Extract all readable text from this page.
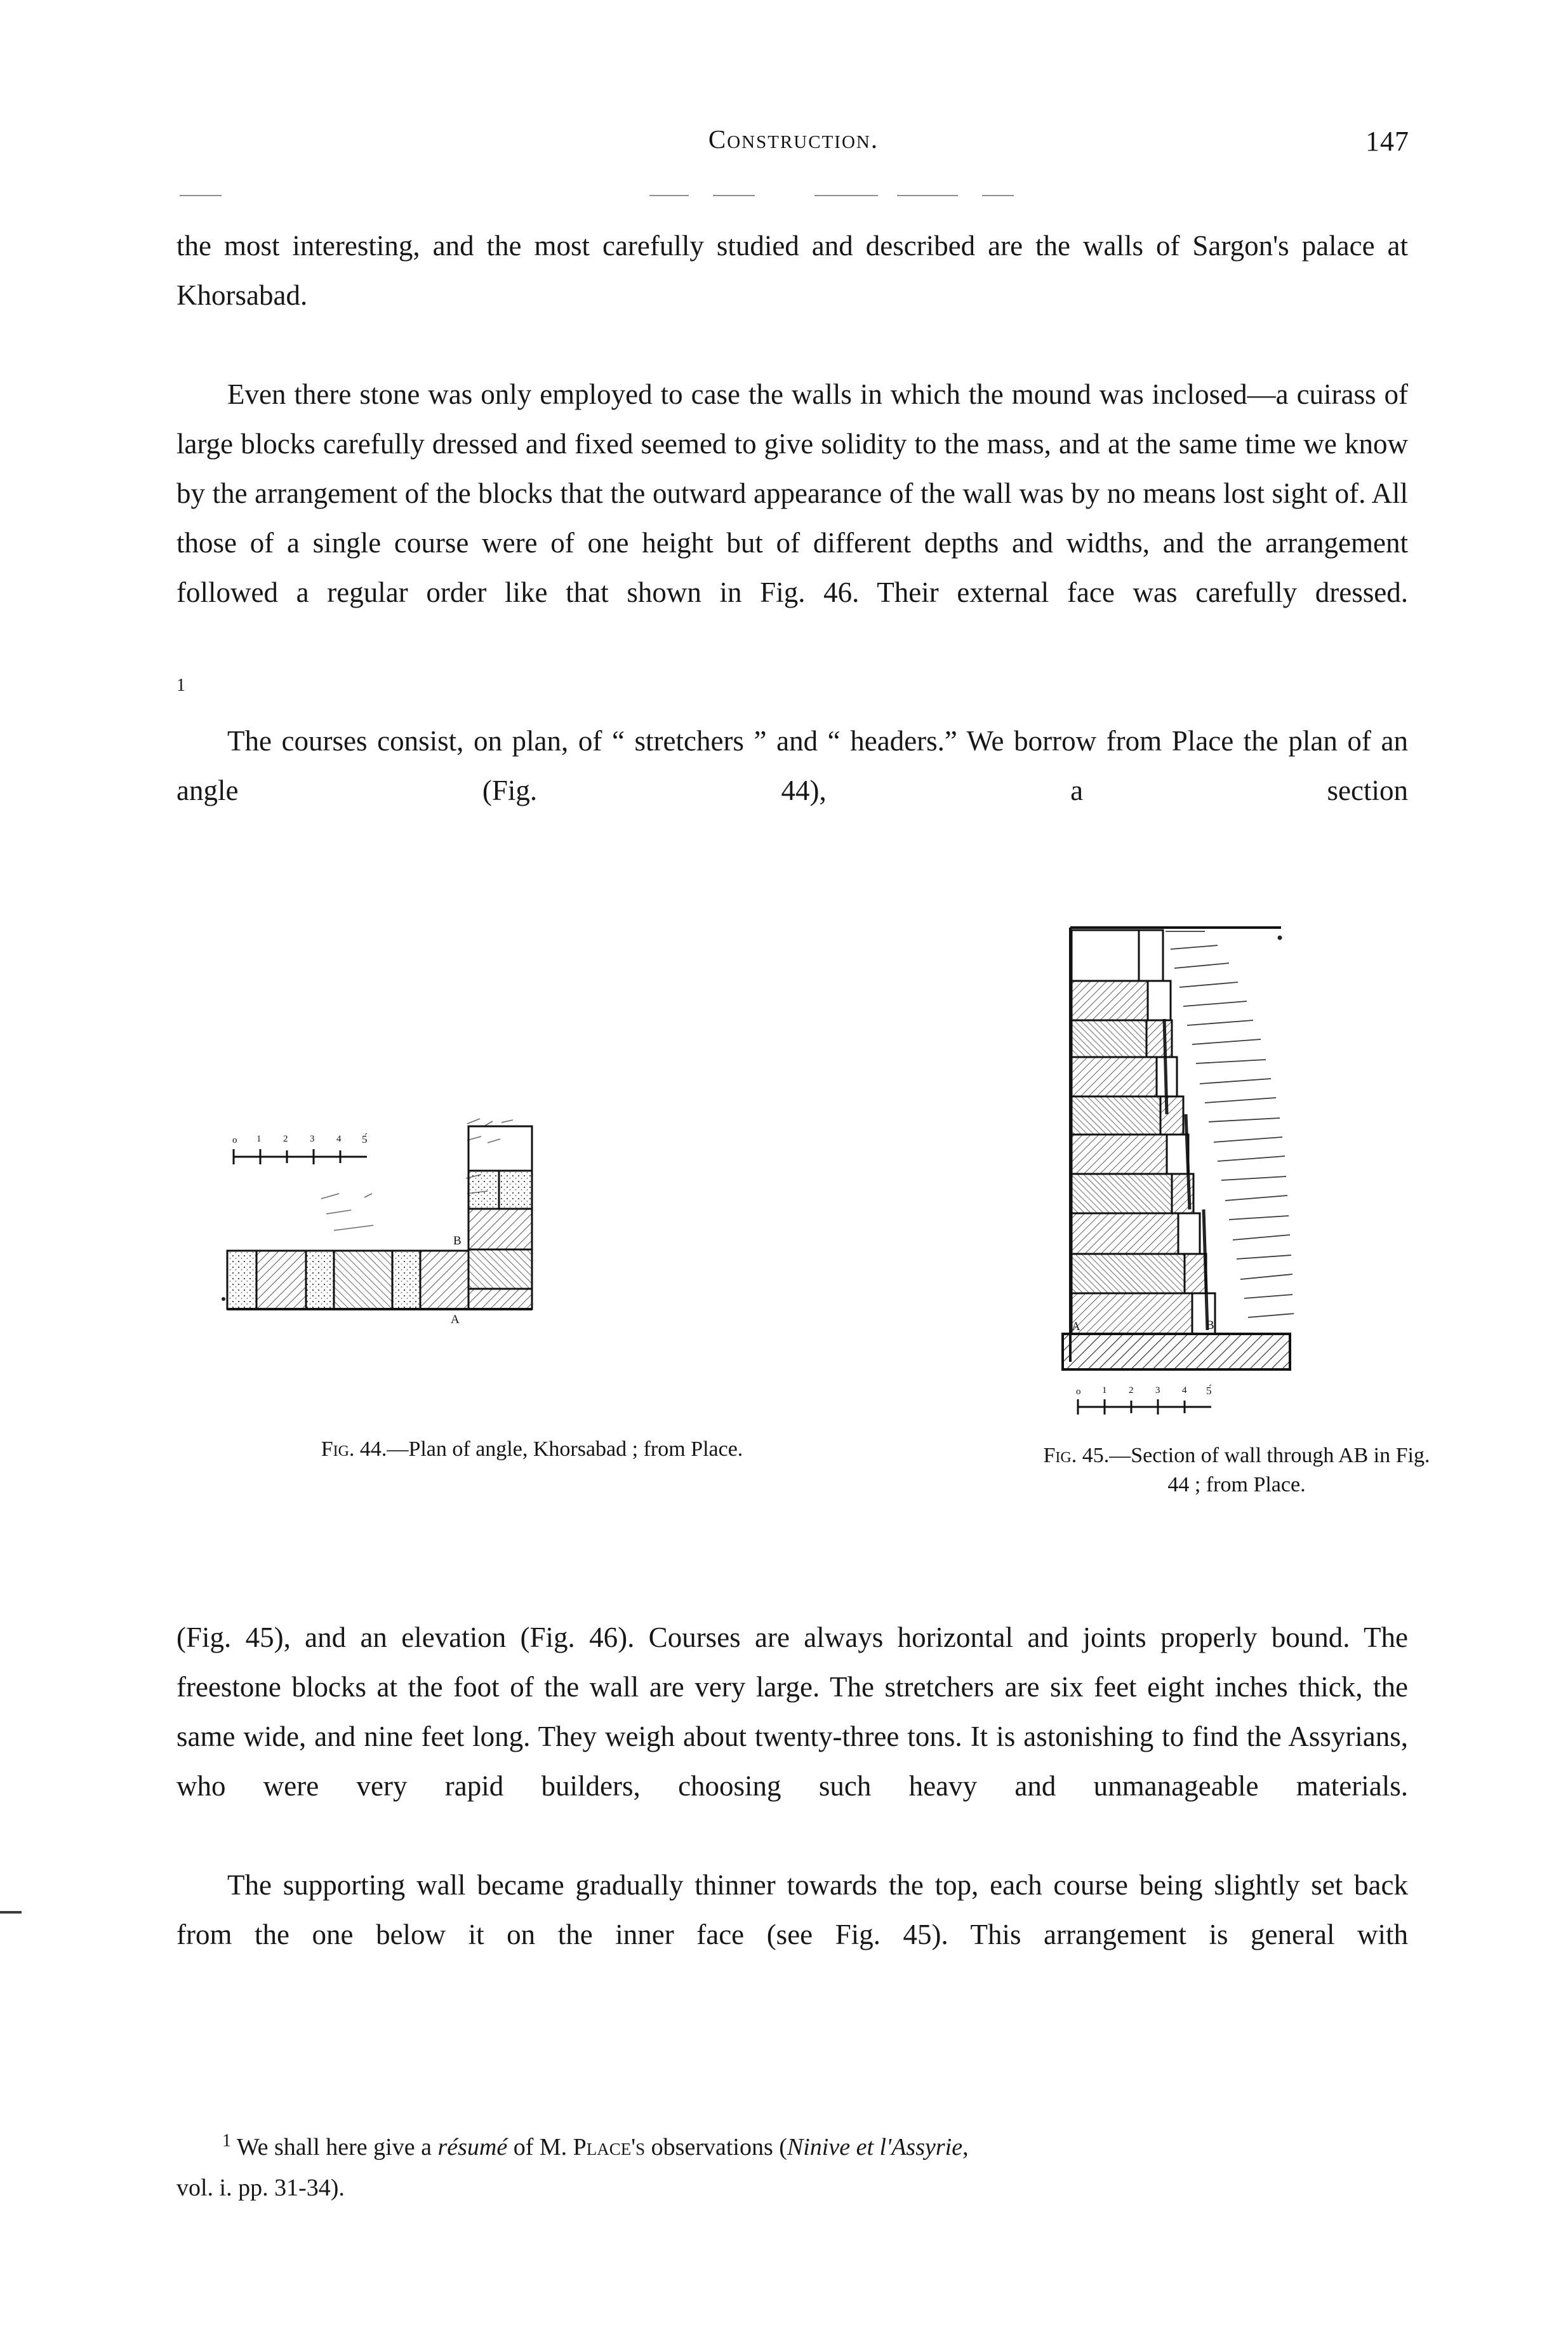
Construction.	147

the most interesting, and the most carefully studied and described are the walls of Sargon's palace at Khorsabad.

Even there stone was only employed to case the walls in which the mound was inclosed—a cuirass of large blocks carefully dressed and fixed seemed to give solidity to the mass, and at the same time we know by the arrangement of the blocks that the outward appearance of the wall was by no means lost sight of. All those of a single course were of one height but of different depths and widths, and the arrangement followed a regular order like that shown in Fig. 46. Their external face was carefully dressed.$^1$

The courses consist, on plan, of “ stretchers ” and “ headers.” We borrow from Place the plan of an angle (Fig. 44), a section

o 1 2 3 4 5́
B
A
Fig. 44.—Plan of angle, Khorsabad ; from Place.
A	B
o 1 2 3 4 5́
Fig. 45.—Section of wall through AB in Fig. 44 ; from Place.

(Fig. 45), and an elevation (Fig. 46). Courses are always horizontal and joints properly bound. The freestone blocks at the foot of the wall are very large. The stretchers are six feet eight inches thick, the same wide, and nine feet long. They weigh about twenty-three tons. It is astonishing to find the Assyrians, who were very rapid builders, choosing such heavy and unmanageable materials.

The supporting wall became gradually thinner towards the top, each course being slightly set back from the one below it on the inner face (see Fig. 45). This arrangement is general with

$^1$ We shall here give a résumé of M. Place's observations (Ninive et l'Assyrie,
vol. i. pp. 31-34).
